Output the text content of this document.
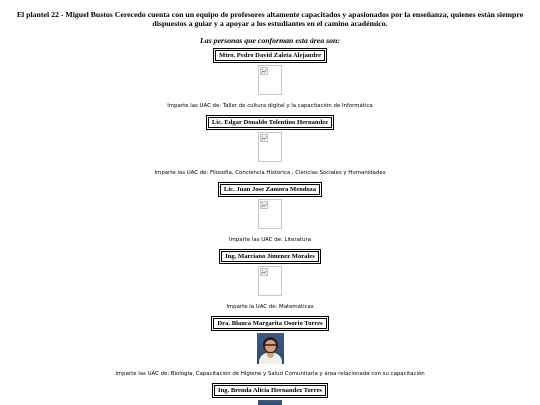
El plantel 22 - Miguel Bustos Cerecedo cuenta con un equipo de profesores altamente capacitados y apasionados por la enseñanza, quienes están siempre
dispuestos a guiar y a apoyar a los estudiantes en el camino académico.
Las personas que conforman esta área son:
Mtro. Pedro David Zaleta Alejandre
Imparte las UAC de: Taller de cultura digital y la capacitación de Informática
Lic. Edgar Donaldo Tolentino Hernandez
Imparte las UAC de: Filosofía, Conciencia Histórica , Ciencias Sociales y Humanidades
Lic. Juan Jose Zamora Mendoza
Imparte las UAC de: Literatura
Ing. Marciano Jimenez Morales
Imparte la UAC de: Matemáticas
Dra. Blanca Margarita Osorio Torres
Imparte las UAC de: Biología, Capacitación de Higiene y Salud Comunitaria y área relacionada con su capacitación
Ing. Brenda Alicia Hernandez Torres
